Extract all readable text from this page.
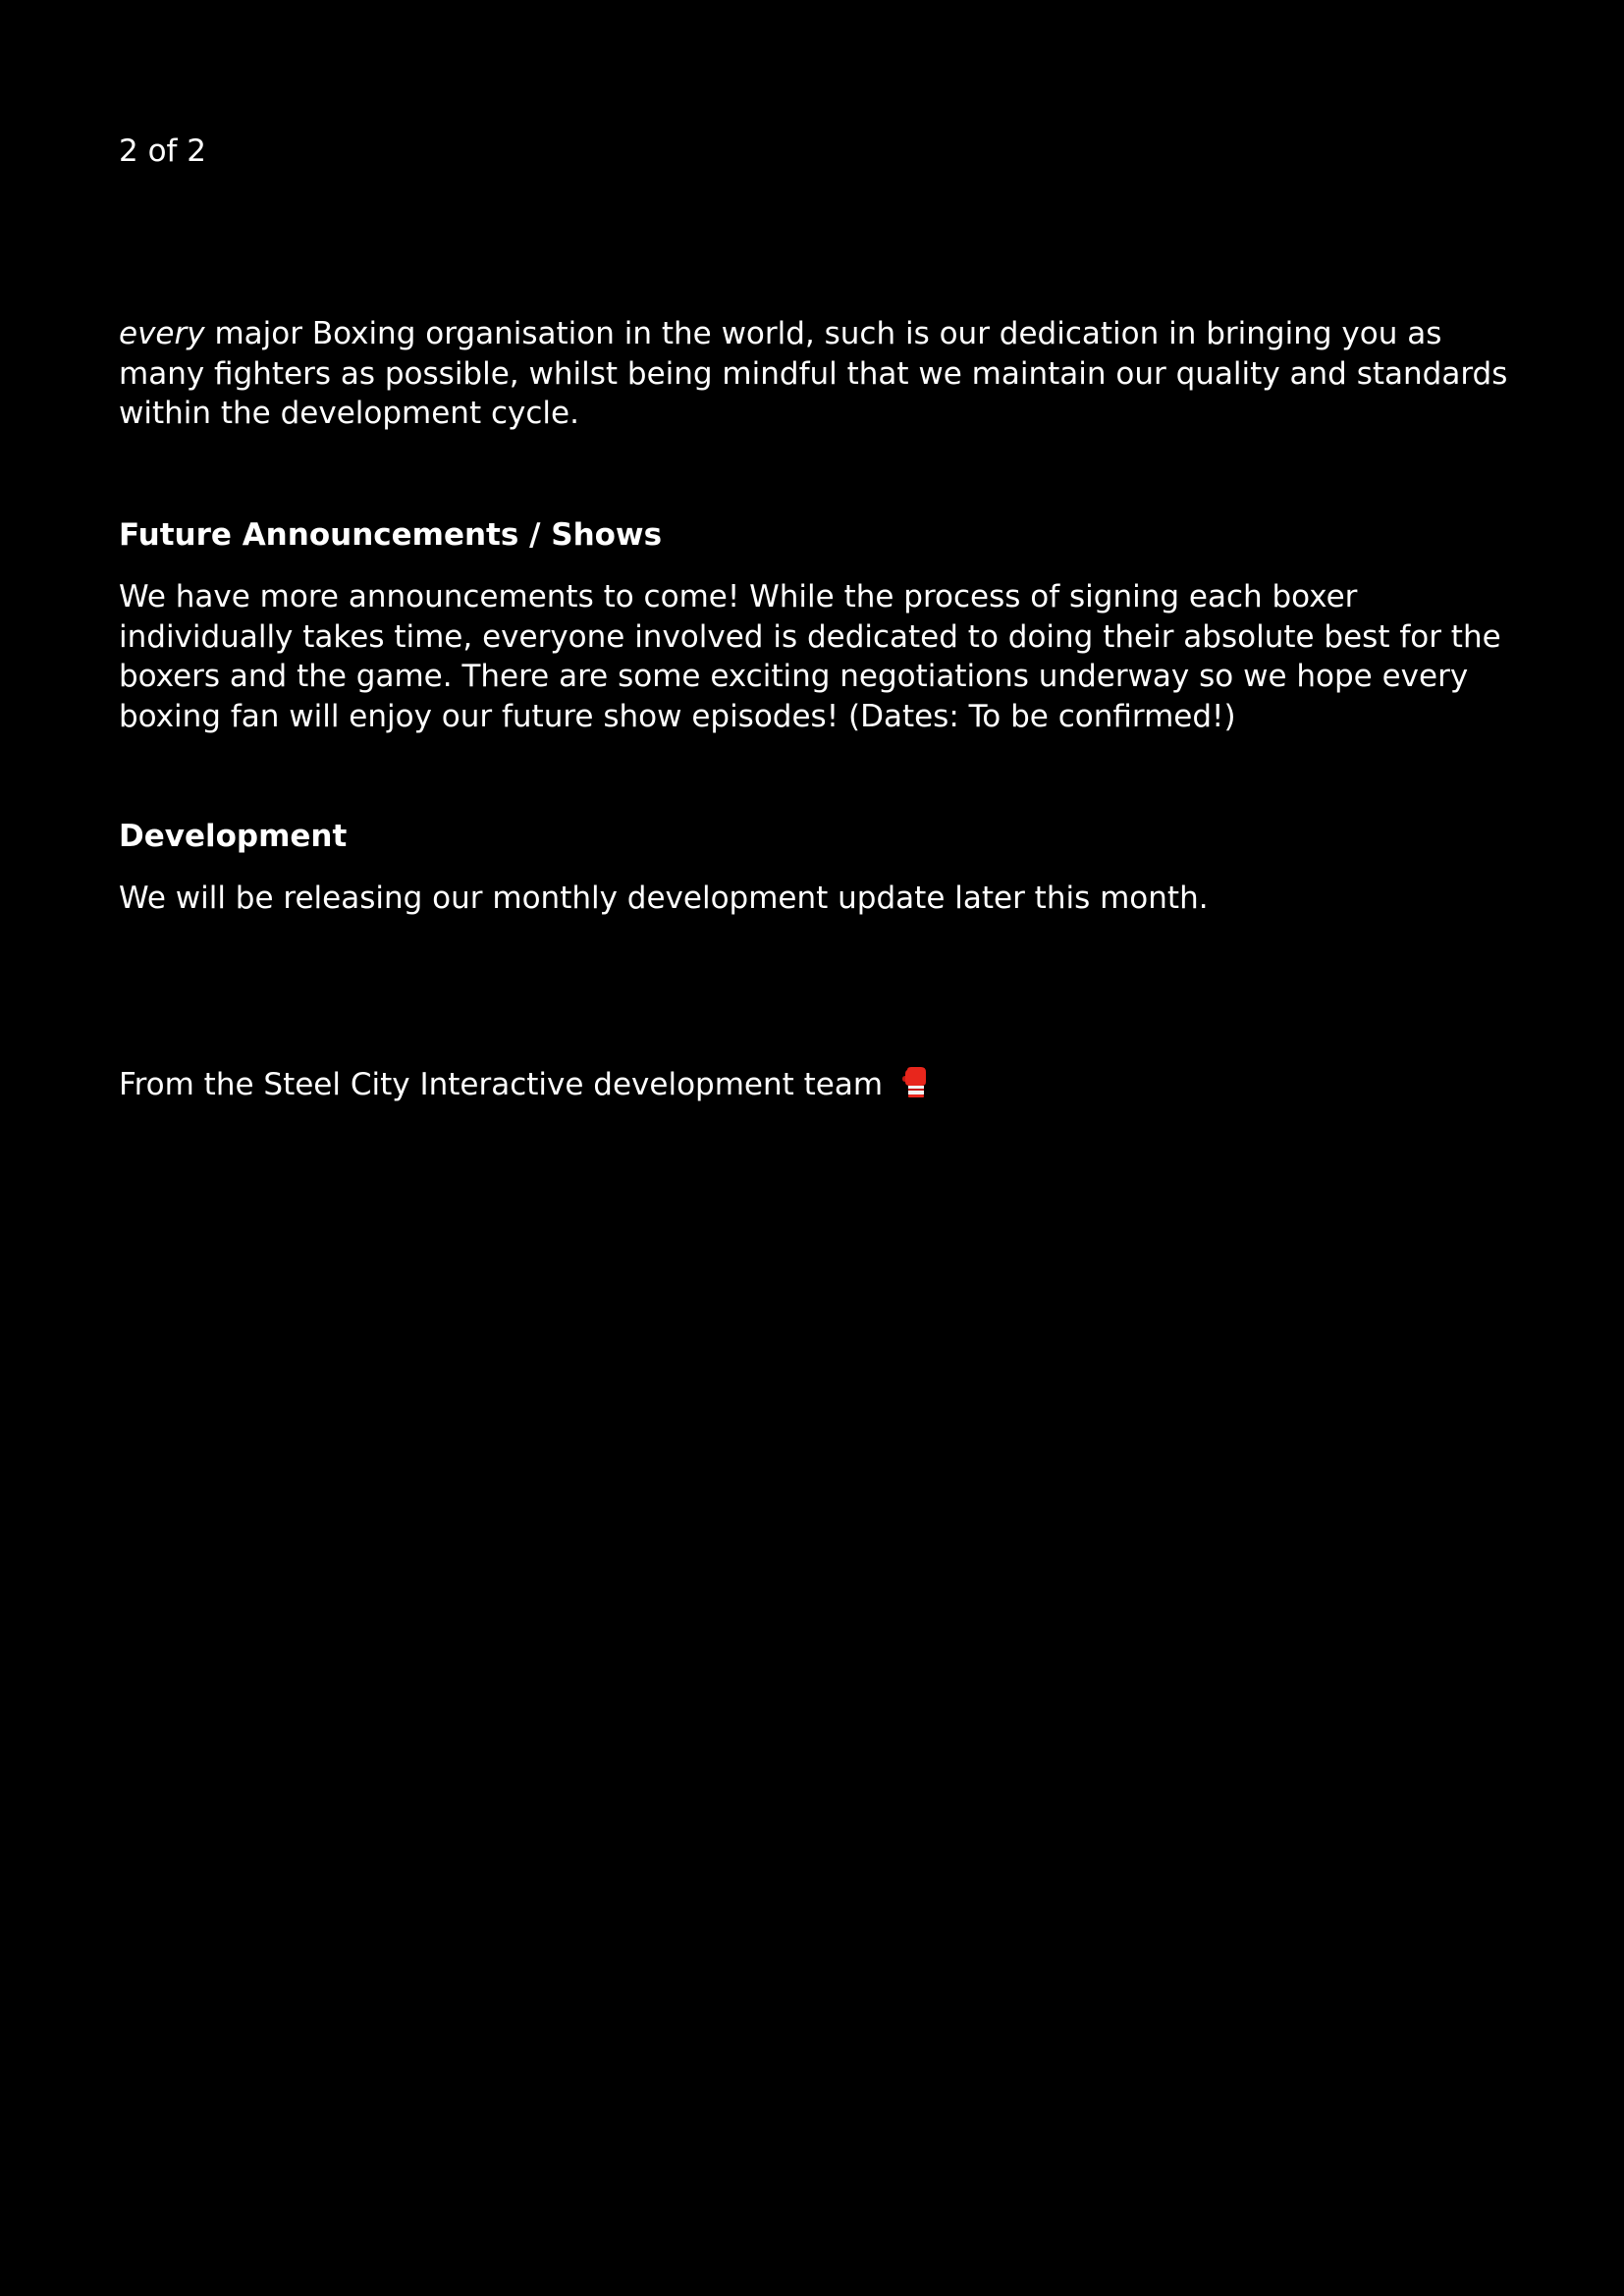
2 of 2

every major Boxing organisation in the world, such is our dedication in bringing you as many fighters as possible, whilst being mindful that we maintain our quality and standards within the development cycle.

Future Announcements / Shows

We have more announcements to come! While the process of signing each boxer individually takes time, everyone involved is dedicated to doing their absolute best for the boxers and the game. There are some exciting negotiations underway so we hope every boxing fan will enjoy our future show episodes! (Dates: To be confirmed!)

Development

We will be releasing our monthly development update later this month.

From the Steel City Interactive development team
